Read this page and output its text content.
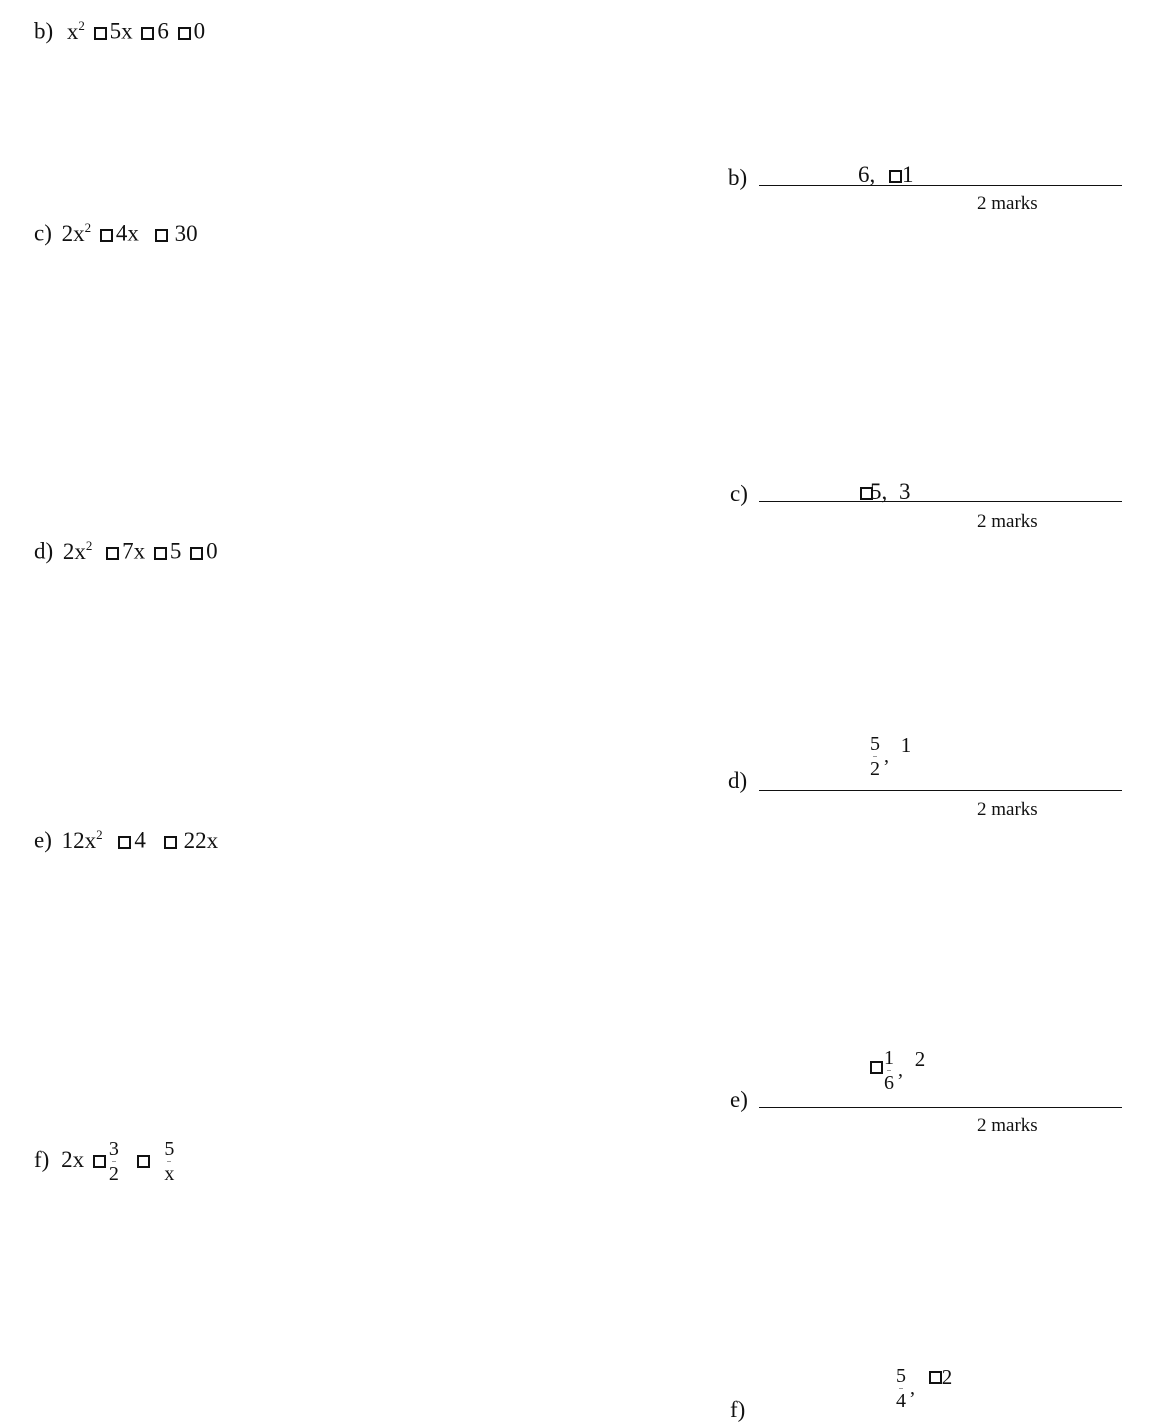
b) $x^2$ 5x 6 0
c) $2x^2$ 4x 30
d) $2x^2$ 7x 5 0
e) $12x^2$ 4 22x
f) $2x \frac{3}{2}$
$\frac{5}{x}$
b)	6, 1
2 marks
c)	5, 3
2 marks
d)
$\frac{5}{2}$ , 1
2 marks
e)
$\frac{1}{6}$ , 2
2 marks
f)	$\frac{5}{4}$ , 2
